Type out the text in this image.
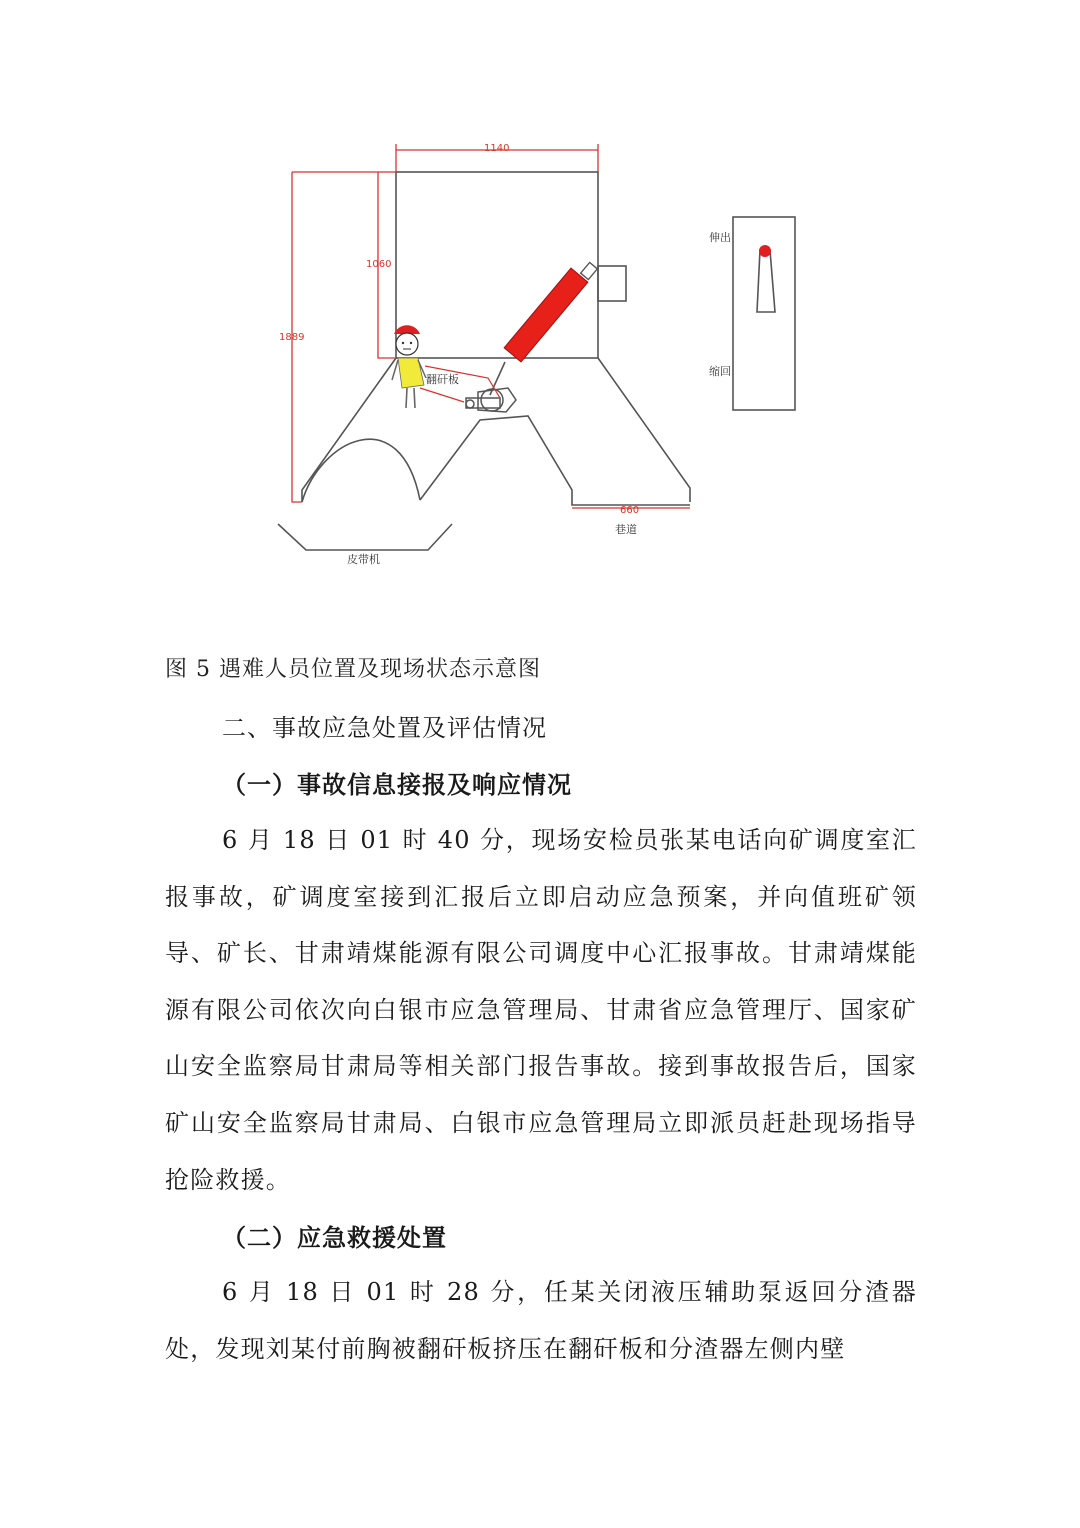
1140
1060
1889
660
翻矸板
皮带机
巷道
伸出
缩回
图 5 遇难人员位置及现场状态示意图
二、事故应急处置及评估情况
（一）事故信息接报及响应情况
6 月 18 日 01 时 40 分，现场安检员张某电话向矿调度室汇报事故，矿调度室接到汇报后立即启动应急预案，并向值班矿领导、矿长、甘肃靖煤能源有限公司调度中心汇报事故。甘肃靖煤能源有限公司依次向白银市应急管理局、甘肃省应急管理厅、国家矿山安全监察局甘肃局等相关部门报告事故。接到事故报告后，国家矿山安全监察局甘肃局、白银市应急管理局立即派员赶赴现场指导抢险救援。
（二）应急救援处置
6 月 18 日 01 时 28 分，任某关闭液压辅助泵返回分渣器处，发现刘某付前胸被翻矸板挤压在翻矸板和分渣器左侧内壁
